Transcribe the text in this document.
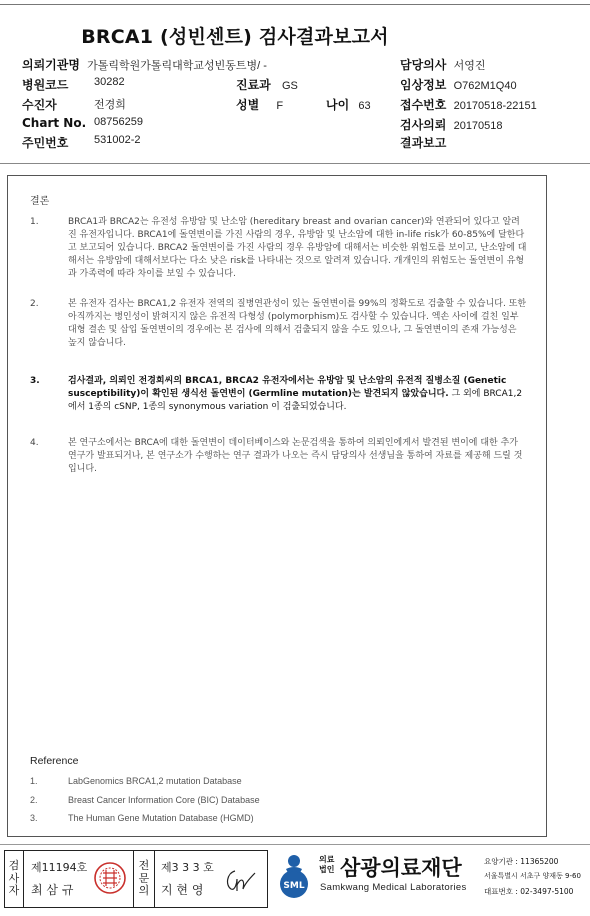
BRCA1 (성빈센트) 검사결과보고서
의뢰기관명 가톨릭학원가톨릭대학교성빈동트병/ -	담당의사 서영진
병원코드 30282	진료과 GS	임상정보 O762M1Q40
수진자	전경희	성별 F	나이 63 접수번호 20170518-22151
Chart No. 08756259	검사의뢰 20170518
주민번호 531002-2	결과보고
결론
1.	BRCA1과 BRCA2는 유전성 유방암 및 난소암 (hereditary breast and ovarian cancer)와 연관되어 있다고 알려진 유전자입니다. BRCA1에 돌연변이를 가진 사람의 경우, 유방암 및 난소암에 대한 in-life risk가 60-85%에 달한다고 보고되어 있습니다. BRCA2 돌연변이를 가진 사람의 경우 유방암에 대해서는 비슷한 위험도를 보이고, 난소암에 대해서는 유방암에 대해서보다는 다소 낮은 risk를 나타내는 것으로 알려져 있습니다. 개개인의 위험도는 돌연변이 유형과 가족력에 따라 차이를 보일 수 있습니다.
2.	본 유전자 검사는 BRCA1,2 유전자 전역의 질병연관성이 있는 돌연변이를 99%의 정확도로 검출할 수 있습니다. 또한 아직까지는 병인성이 밝혀지지 않은 유전적 다형성 (polymorphism)도 검사할 수 있습니다. 엑손 사이에 걸친 일부 대형 결손 및 삽입 돌연변이의 경우에는 본 검사에 의해서 검출되지 않을 수도 있으나, 그 돌연변이의 존재 가능성은 높지 않습니다.
3.	검사결과, 의뢰인 전경희씨의 BRCA1, BRCA2 유전자에서는 유방암 및 난소암의 유전적 질병소질 (Genetic susceptibility)이 확인된 생식선 돌연변이 (Germline mutation)는 발견되지 않았습니다. 그 외에 BRCA1,2에서 1종의 cSNP, 1종의 synonymous variation 이 검출되었습니다.
4.	본 연구소에서는 BRCA에 대한 돌연변이 데이터베이스와 논문검색을 통하여 의뢰인에게서 발견된 변이에 대한 추가 연구가 발표되거나, 본 연구소가 수행하는 연구 결과가 나오는 즉시 담당의사 선생님을 통하여 자료를 제공해 드릴 것입니다.
Reference
1.	LabGenomics BRCA1,2 mutation Database
2.	Breast Cancer Information Core (BIC) Database
3.	The Human Gene Mutation Database (HGMD)
검사자
제11194호
최 삼 규
전문의
제3 3 3 호
지 현 영	SML
의료법인 삼광의료재단
Samkwang Medical Laboratories
요양기관 : 11365200
서울특별시 서초구 양재동 9-60
대표번호 : 02-3497-5100
